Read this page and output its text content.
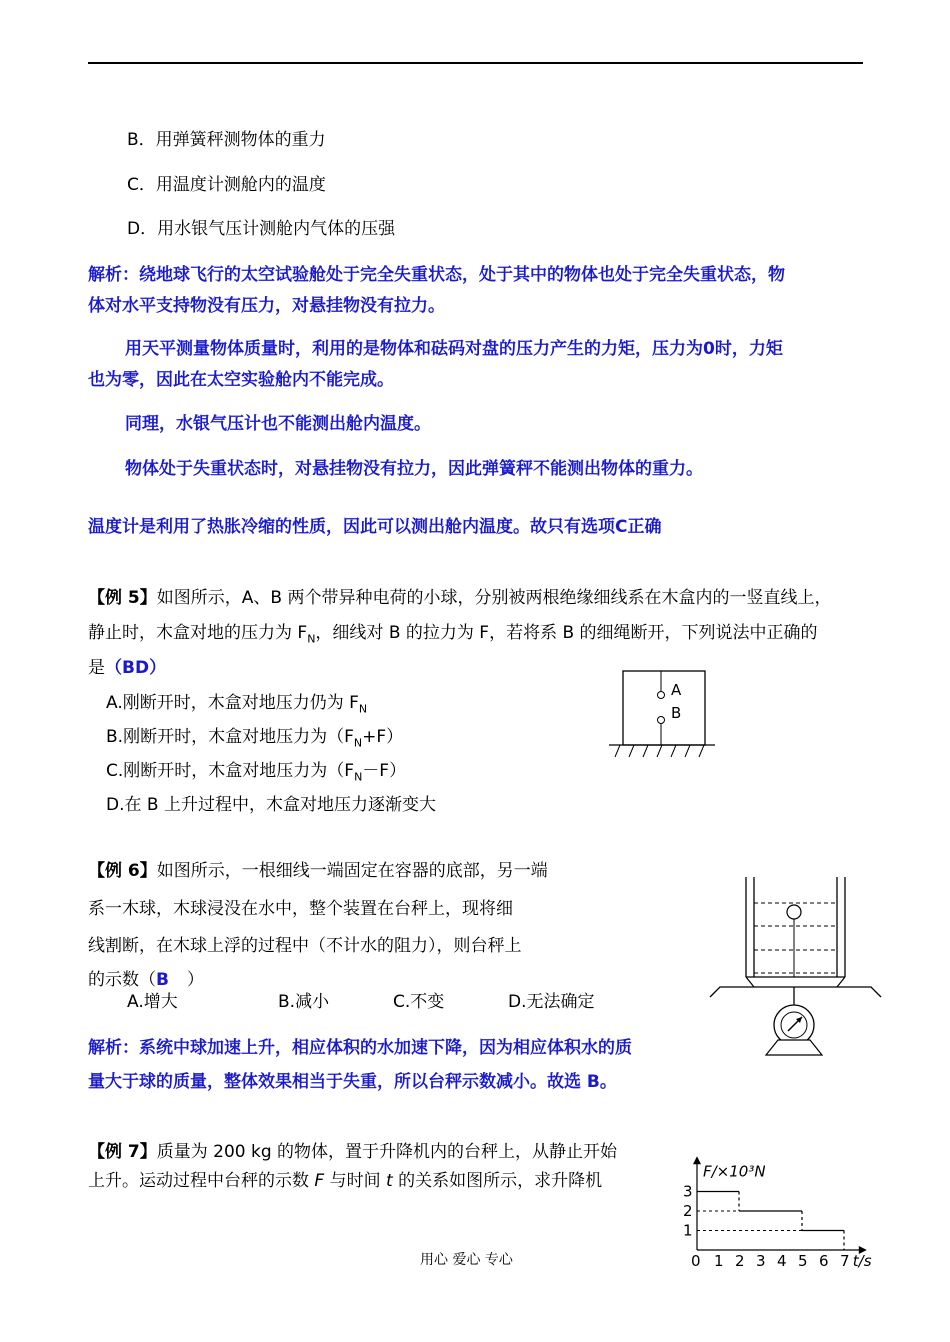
B．用弹簧秤测物体的重力
C．用温度计测舱内的温度
D．用水银气压计测舱内气体的压强
解析：绕地球飞行的太空试验舱处于完全失重状态，处于其中的物体也处于完全失重状态，物
体对水平支持物没有压力，对悬挂物没有拉力。
用天平测量物体质量时，利用的是物体和砝码对盘的压力产生的力矩，压力为0时，力矩
也为零，因此在太空实验舱内不能完成。
同理，水银气压计也不能测出舱内温度。
物体处于失重状态时，对悬挂物没有拉力，因此弹簧秤不能测出物体的重力。
温度计是利用了热胀冷缩的性质，因此可以测出舱内温度。故只有选项C正确
【例 5】如图所示，A、B 两个带异种电荷的小球，分别被两根绝缘细线系在木盒内的一竖直线上，
静止时，木盒对地的压力为 $F_N$，细线对 B 的拉力为 F，若将系 B 的细绳断开，下列说法中正确的
是（BD）
A.刚断开时，木盒对地压力仍为 $F_N$
B.刚断开时，木盒对地压力为$(F_N+F)$
C.刚断开时，木盒对地压力为$(F_N-F)$
D.在 B 上升过程中，木盒对地压力逐渐变大
A
B
【例 6】如图所示，一根细线一端固定在容器的底部，另一端
系一木球，木球浸没在水中，整个装置在台秤上，现将细
线割断，在木球上浮的过程中（不计水的阻力），则台秤上
的示数（B ）
A.增大	B.减小	C.不变	D.无法确定
解析：系统中球加速上升，相应体积的水加速下降，因为相应体积水的质
量大于球的质量，整体效果相当于失重，所以台秤示数减小。故选 B。
【例 7】质量为 200 kg 的物体，置于升降机内的台秤上，从静止开始
上升。运动过程中台秤的示数 F 与时间 t 的关系如图所示，求升降机	F/×10³N
t/s
0 1 2 3 4 5 6 7
1
2
3
用心 爱心 专心
